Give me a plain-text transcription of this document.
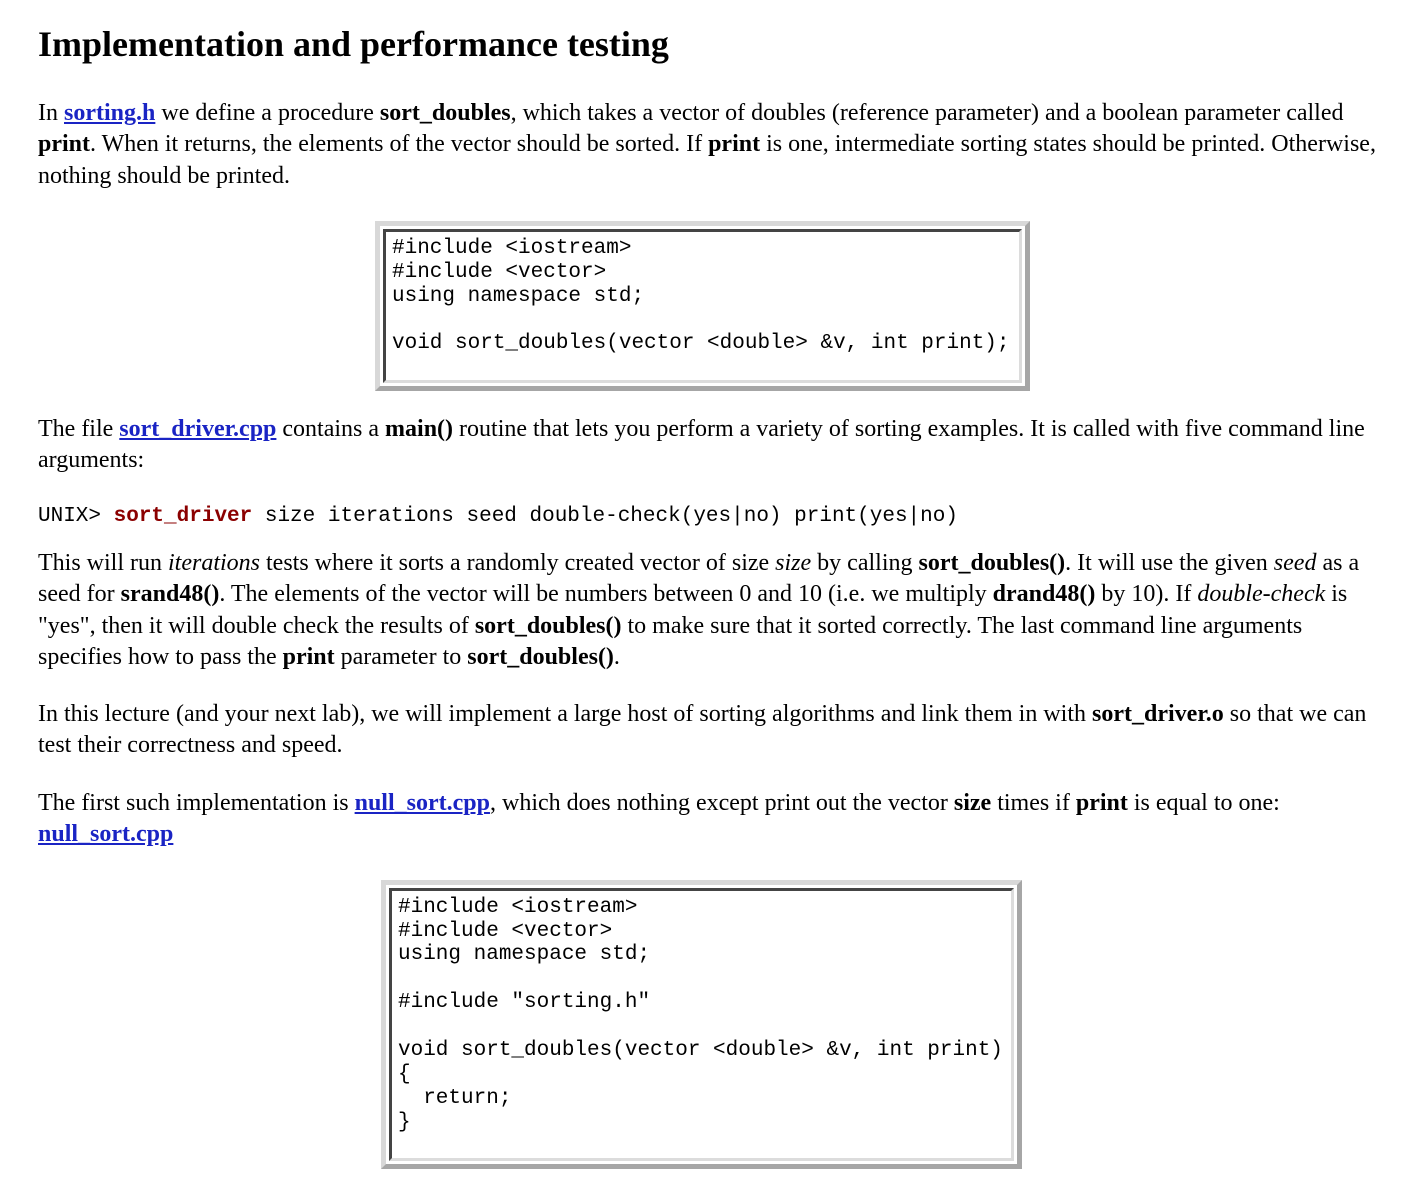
Implementation and performance testing

In sorting.h we define a procedure sort_doubles, which takes a vector of doubles (reference parameter) and a boolean parameter called print. When it returns, the elements of the vector should be sorted. If print is one, intermediate sorting states should be printed. Otherwise, nothing should be printed.

#include <iostream>
#include <vector>
using namespace std;
void sort_doubles(vector <double> &v, int print);

The file sort_driver.cpp contains a main() routine that lets you perform a variety of sorting examples. It is called with five command line arguments:

UNIX> sort_driver size iterations seed double-check(yes|no) print(yes|no)

This will run iterations tests where it sorts a randomly created vector of size size by calling sort_doubles(). It will use the given seed as a seed for srand48(). The elements of the vector will be numbers between 0 and 10 (i.e. we multiply drand48() by 10). If double-check is "yes", then it will double check the results of sort_doubles() to make sure that it sorted correctly. The last command line arguments specifies how to pass the print parameter to sort_doubles().

In this lecture (and your next lab), we will implement a large host of sorting algorithms and link them in with sort_driver.o so that we can test their correctness and speed.

The first such implementation is null_sort.cpp, which does nothing except print out the vector size times if print is equal to one: null_sort.cpp

#include <iostream>
#include <vector>
using namespace std;
#include "sorting.h"
void sort_doubles(vector <double> &v, int print)
{
return;
}
